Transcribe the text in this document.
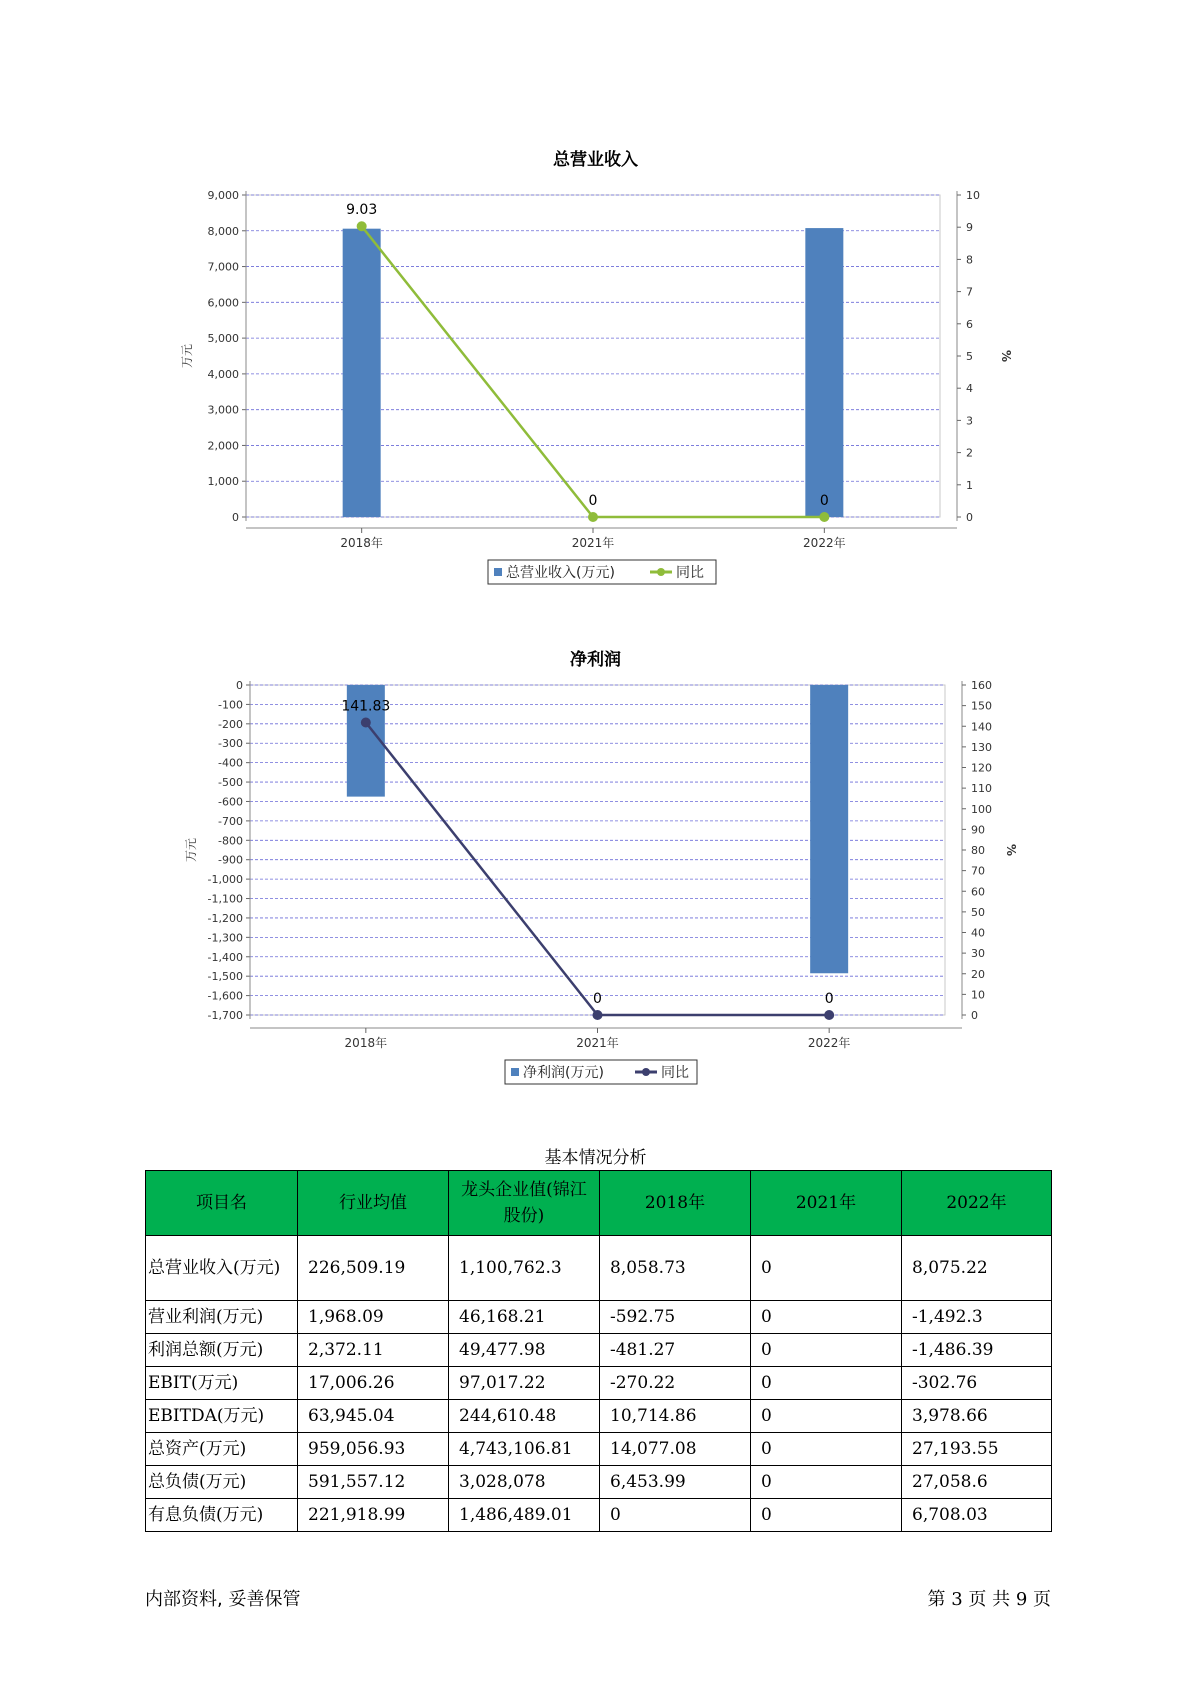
总营业收入
0
1,000
2,000
3,000
4,000
5,000
6,000
7,000
8,000
9,000
0
1
2
3
4
5
6
7
8
9
10
万元	%
2018年	2021年	2022年
9.03
0	0
总营业收入(万元)	同比
净利润
0
-100
-200
-300
-400
-500
-600
-700
-800
-900
-1,000
-1,100
-1,200
-1,300
-1,400
-1,500
-1,600
-1,700	0
10
20
30
40
50
60
70
80
90
100
110
120
130
140
150
160
万元	%
2018年	2021年	2022年
141.83
0	0
净利润(万元)	同比
基本情况分析
项目名	行业均值	龙头企业值(锦江股份)	2018年	2021年	2022年
总营业收入(万元)	226,509.19	1,100,762.3	8,058.73	0	8,075.22
营业利润(万元)	1,968.09	46,168.21	-592.75	0	-1,492.3
利润总额(万元)	2,372.11	49,477.98	-481.27	0	-1,486.39
EBIT(万元)	17,006.26	97,017.22	-270.22	0	-302.76
EBITDA(万元)	63,945.04	244,610.48	10,714.86	0	3,978.66
总资产(万元)	959,056.93	4,743,106.81	14,077.08	0	27,193.55
总负债(万元)	591,557.12	3,028,078	6,453.99	0	27,058.6
有息负债(万元)	221,918.99	1,486,489.01	0	0	6,708.03
内部资料, 妥善保管	第 3 页 共 9 页
